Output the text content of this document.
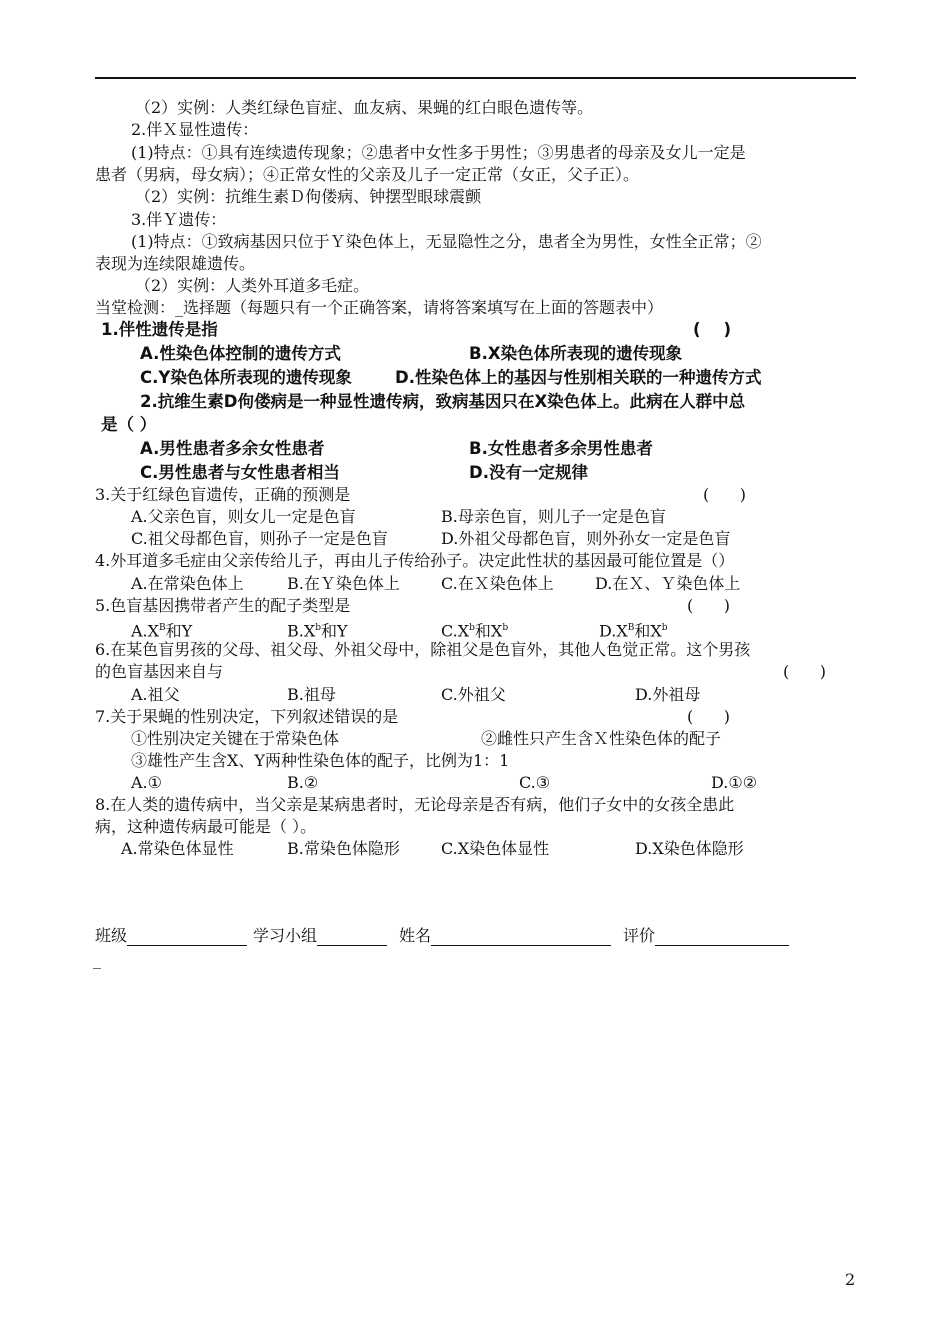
（2）实例：人类红绿色盲症、血友病、果蝇的红白眼色遗传等。
2.伴Ｘ显性遗传：
(1)特点：①具有连续遗传现象；②患者中女性多于男性；③男患者的母亲及女儿一定是
患者（男病，母女病）；④正常女性的父亲及儿子一定正常（女正，父子正）。
（2）实例：抗维生素Ｄ佝偻病、钟摆型眼球震颤
3.伴Ｙ遗传：
(1)特点：①致病基因只位于Ｙ染色体上，无显隐性之分，患者全为男性，女性全正常；②
表现为连续限雄遗传。
（2）实例：人类外耳道多毛症。
当堂检测：_选择题（每题只有一个正确答案，请将答案填写在上面的答题表中）
1.伴性遗传是指	(    )
A.性染色体控制的遗传方式	B.X染色体所表现的遗传现象
C.Y染色体所表现的遗传现象	D.性染色体上的基因与性别相关联的一种遗传方式
2.抗维生素D佝偻病是一种显性遗传病，致病基因只在X染色体上。此病在人群中总
是（ ）
A.男性患者多余女性患者	B.女性患者多余男性患者
C.男性患者与女性患者相当	D.没有一定规律
3.关于红绿色盲遗传，正确的预测是	(      )
A.父亲色盲，则女儿一定是色盲	B.母亲色盲，则儿子一定是色盲
C.祖父母都色盲，则孙子一定是色盲	D.外祖父母都色盲，则外孙女一定是色盲
4.外耳道多毛症由父亲传给儿子，再由儿子传给孙子。决定此性状的基因最可能位置是（）
A.在常染色体上	B.在Ｙ染色体上	C.在Ｘ染色体上	D.在Ｘ、Ｙ染色体上
5.色盲基因携带者产生的配子类型是	(      )
$A.X^B$和Y	$B.X^b$和Y	$C.X^b$和$X^b$	$D.X^B$和$X^b$
6.在某色盲男孩的父母、祖父母、外祖父母中，除祖父是色盲外，其他人色觉正常。这个男孩
的色盲基因来自与	(      )
A.祖父	B.祖母	C.外祖父	D.外祖母
7.关于果蝇的性别决定，下列叙述错误的是	(      )
①性别决定关键在于常染色体	②雌性只产生含Ｘ性染色体的配子
③雄性产生含X、Y两种性染色体的配子，比例为1：1
A.①	B.②	C.③	D.①②
8.在人类的遗传病中，当父亲是某病患者时，无论母亲是否有病，他们子女中的女孩全患此
病，这种遗传病最可能是（ ）。
A.常染色体显性	B.常染色体隐形	C.X染色体显性	D.X染色体隐形
班级	学习小组	姓名	评价
_
2
